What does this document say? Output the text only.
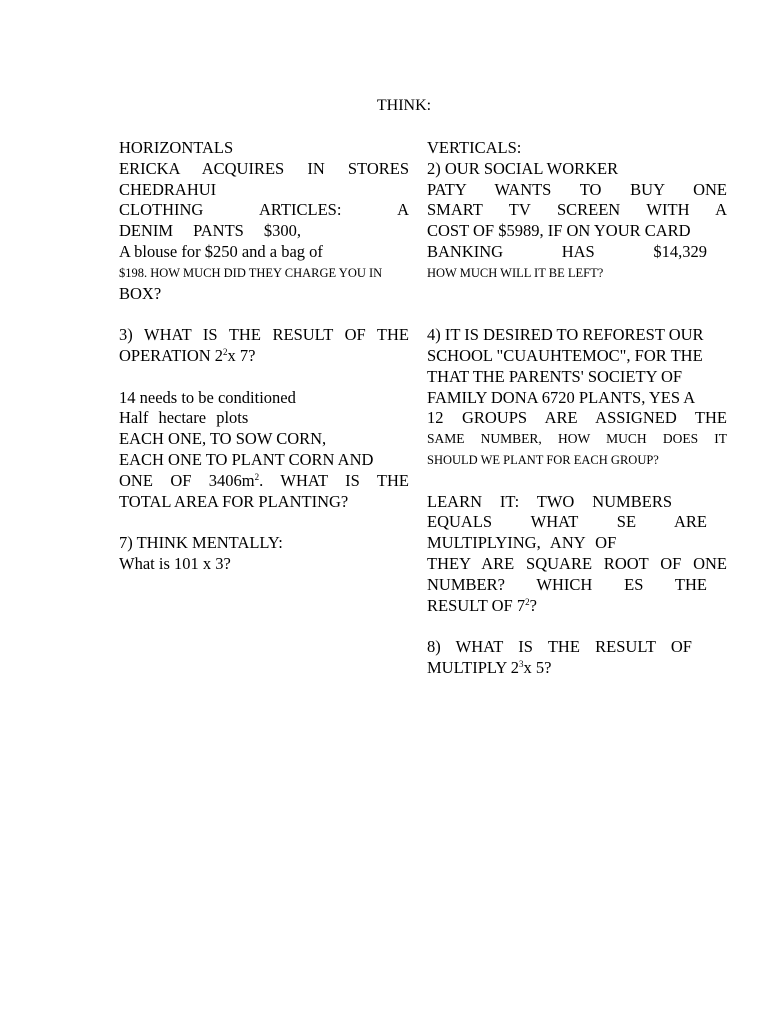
THINK:
HORIZONTALS
ERICKA ACQUIRES IN STORES
CHEDRAHUI
CLOTHING ARTICLES: A
DENIM PANTS $300,
A blouse for $250 and a bag of
$198. HOW MUCH DID THEY CHARGE YOU IN
BOX?

3) WHAT IS THE RESULT OF THE
OPERATION $2^2x$ 7?

14 needs to be conditioned
Half hectare plots
EACH ONE, TO SOW CORN,
EACH ONE TO PLANT CORN AND
ONE OF $3406m^2$. WHAT IS THE
TOTAL AREA FOR PLANTING?

7) THINK MENTALLY:
What is 101 x 3?
VERTICALS:
2) OUR SOCIAL WORKER
PATY WANTS TO BUY ONE
SMART TV SCREEN WITH A
COST OF $5989, IF ON YOUR CARD
BANKING HAS $14,329
HOW MUCH WILL IT BE LEFT?

4) IT IS DESIRED TO REFOREST OUR
SCHOOL "CUAUHTEMOC", FOR THE
THAT THE PARENTS' SOCIETY OF
FAMILY DONA 6720 PLANTS, YES A
12 GROUPS ARE ASSIGNED THE
SAME NUMBER, HOW MUCH DOES IT
SHOULD WE PLANT FOR EACH GROUP?

LEARN IT: TWO NUMBERS
EQUALS WHAT SE ARE
MULTIPLYING, ANY OF
THEY ARE SQUARE ROOT OF ONE
NUMBER? WHICH ES THE
RESULT OF $7^2$?

8) WHAT IS THE RESULT OF
MULTIPLY $2^3x$ 5?
